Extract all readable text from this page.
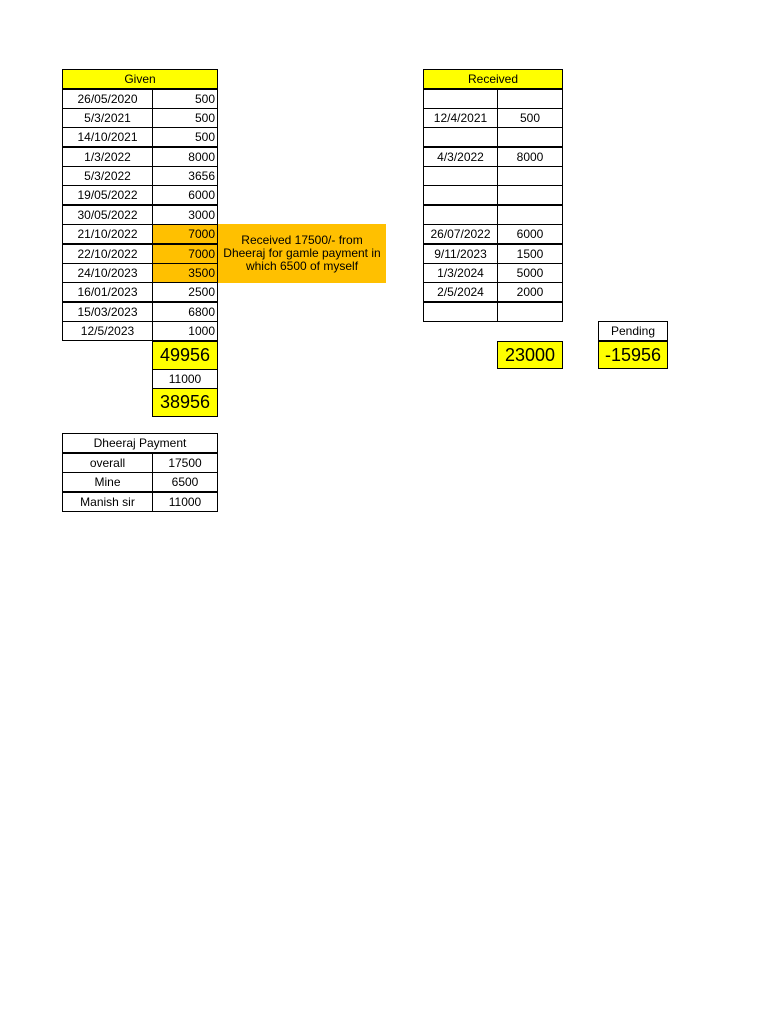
Given
26/05/2020	500
5/3/2021	500
14/10/2021	500
1/3/2022	8000
5/3/2022	3656
19/05/2022	6000
30/05/2022	3000
21/10/2022	7000
22/10/2022	7000
24/10/2023	3500
16/01/2023	2500
15/03/2023	6800
12/5/2023	1000
49956
11000
38956
Received 17500/- from Dheeraj for gamle payment in which 6500 of myself
Received
12/4/2021	500
4/3/2022	8000
26/07/2022	6000
9/11/2023	1500
1/3/2024	5000
2/5/2024	2000
23000
Pending
-15956
Dheeraj Payment
overall	17500
Mine	6500
Manish sir	11000
